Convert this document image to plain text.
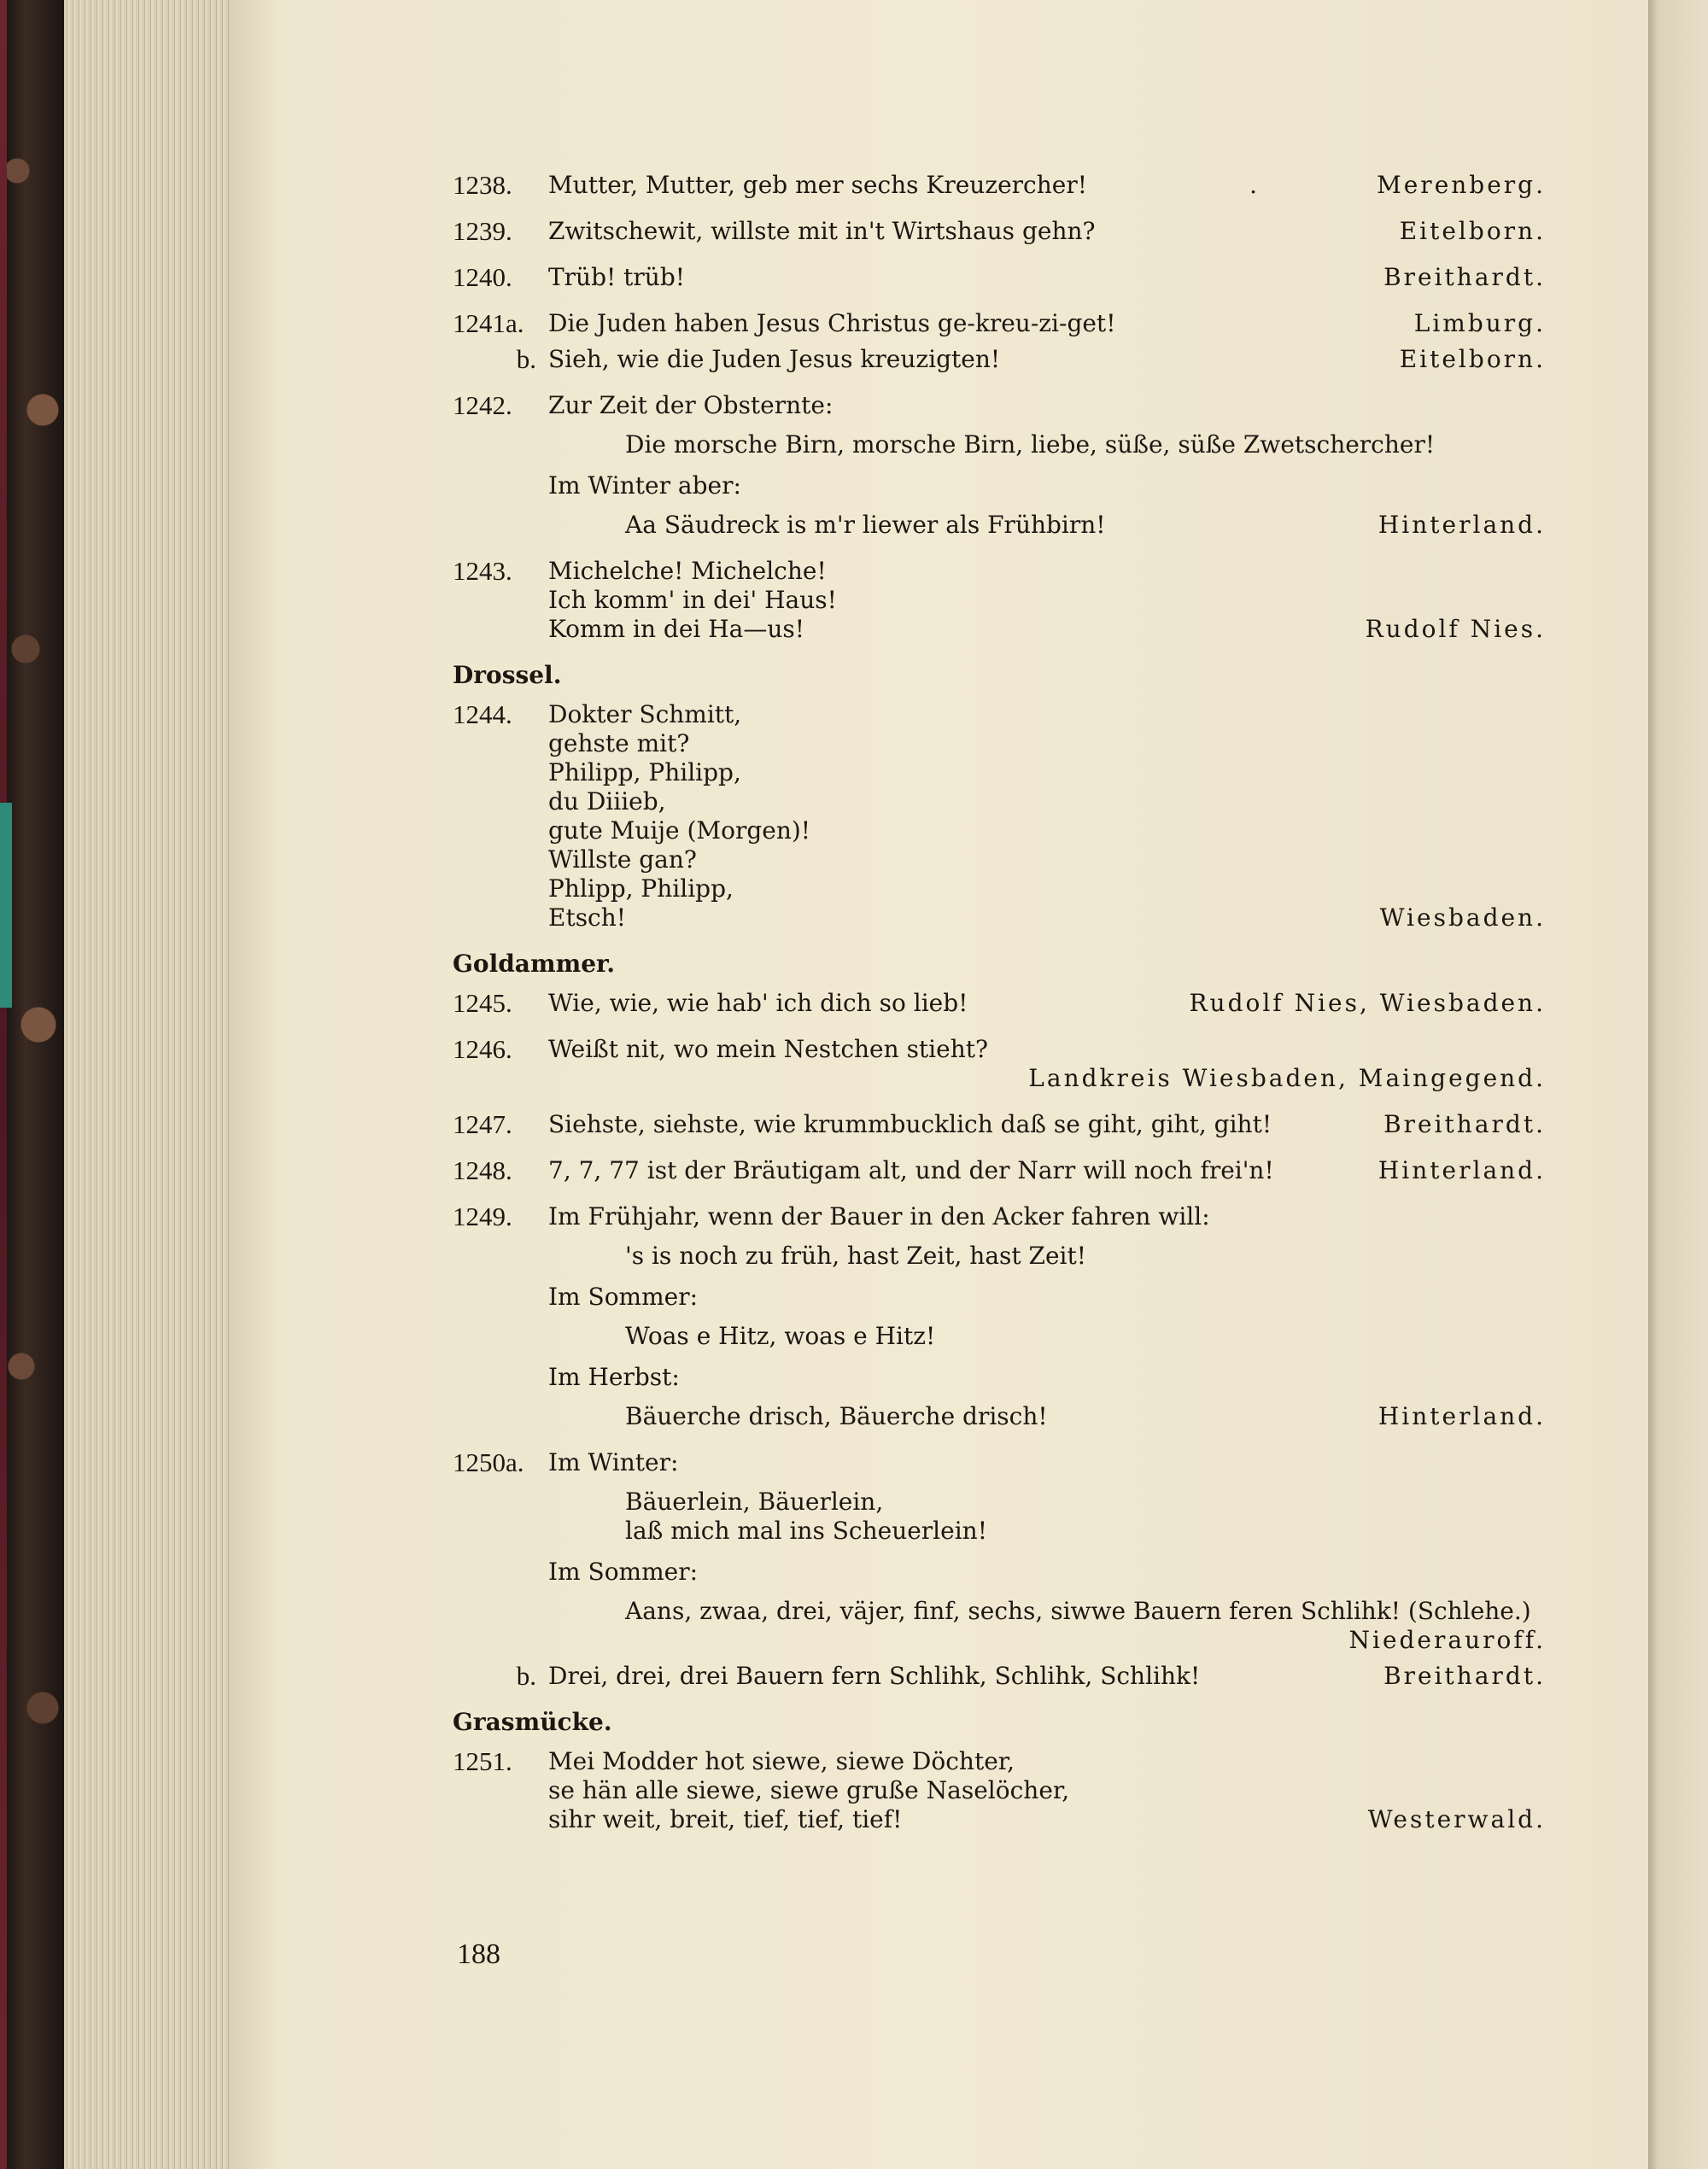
1238.	Mutter, Mutter, geb mer sechs Kreuzercher!	.	Merenberg.
1239.	Zwitschewit, willste mit in't Wirtshaus gehn?	Eitelborn.
1240.	Trüb! trüb!	Breithardt.
1241a.	Die Juden haben Jesus Christus ge-kreu-zi-get!	Limburg.
b. Sieh, wie die Juden Jesus kreuzigten!	Eitelborn.
1242.	Zur Zeit der Obsternte:
Die morsche Birn, morsche Birn, liebe, süße, süße Zwetschercher!
Im Winter aber:
Aa Säudreck is m'r liewer als Frühbirn!	Hinterland.
1243.	Michelche! Michelche!
Ich komm' in dei' Haus!
Komm in dei Ha—us!	Rudolf Nies.
Drossel.
1244.	Dokter Schmitt,
gehste mit?
Philipp, Philipp,
du Diiieb,
gute Muije (Morgen)!
Willste gan?
Phlipp, Philipp,
Etsch!	Wiesbaden.
Goldammer.
1245.	Wie, wie, wie hab' ich dich so lieb!	Rudolf Nies, Wiesbaden.
1246.	Weißt nit, wo mein Nestchen stieht?
Landkreis Wiesbaden, Maingegend.
1247.	Siehste, siehste, wie krummbucklich daß se giht, giht, giht!	Breithardt.
1248.	7, 7, 77 ist der Bräutigam alt, und der Narr will noch frei'n!	Hinterland.
1249.	Im Frühjahr, wenn der Bauer in den Acker fahren will:
's is noch zu früh, hast Zeit, hast Zeit!
Im Sommer:
Woas e Hitz, woas e Hitz!
Im Herbst:
Bäuerche drisch, Bäuerche drisch!	Hinterland.
1250a.	Im Winter:
Bäuerlein, Bäuerlein,
laß mich mal ins Scheuerlein!
Im Sommer:
Aans, zwaa, drei, väjer, finf, sechs, siwwe Bauern feren Schlihk! (Schlehe.)
Niederauroff.
b. Drei, drei, drei Bauern fern Schlihk, Schlihk, Schlihk!	Breithardt.
Grasmücke.
1251.	Mei Modder hot siewe, siewe Döchter,
se hän alle siewe, siewe gruße Naselöcher,
sihr weit, breit, tief, tief, tief!	Westerwald.
188
